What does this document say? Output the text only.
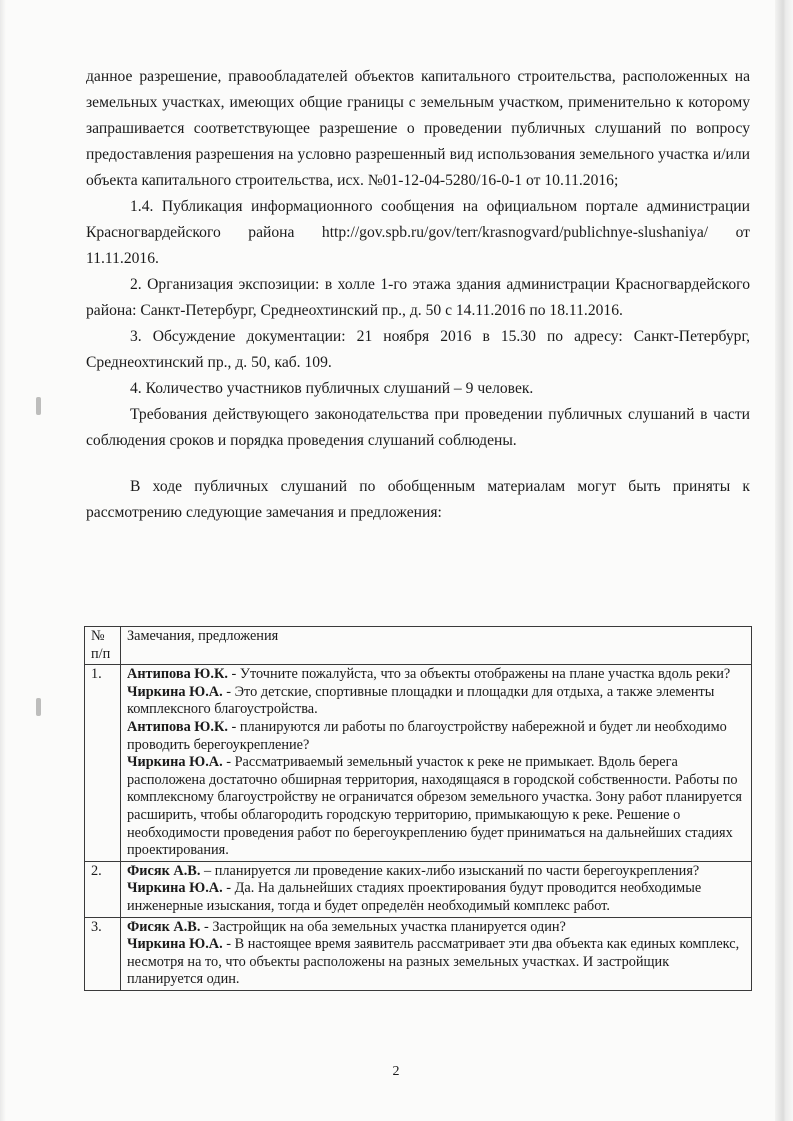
данное разрешение, правообладателей объектов капитального строительства, расположенных на земельных участках, имеющих общие границы с земельным участком, применительно к которому запрашивается соответствующее разрешение о проведении публичных слушаний по вопросу предоставления разрешения на условно разрешенный вид использования земельного участка и/или объекта капитального строительства, исх. №01-12-04-5280/16-0-1 от 10.11.2016;

1.4. Публикация информационного сообщения на официальном портале администрации Красногвардейского района http://gov.spb.ru/gov/terr/krasnogvard/publichnye-slushaniya/ от 11.11.2016.

2. Организация экспозиции: в холле 1-го этажа здания администрации Красногвардейского района: Санкт-Петербург, Среднеохтинский пр., д. 50 с 14.11.2016 по 18.11.2016.

3. Обсуждение документации: 21 ноября 2016 в 15.30 по адресу: Санкт-Петербург, Среднеохтинский пр., д. 50, каб. 109.

4. Количество участников публичных слушаний – 9 человек.

Требования действующего законодательства при проведении публичных слушаний в части соблюдения сроков и порядка проведения слушаний соблюдены.

В ходе публичных слушаний по обобщенным материалам могут быть приняты к рассмотрению следующие замечания и предложения:

№ п/п	Замечания, предложения
1.	Антипова Ю.К. - Уточните пожалуйста, что за объекты отображены на плане участка вдоль реки?

Чиркина Ю.А. - Это детские, спортивные площадки и площадки для отдыха, а также элементы комплексного благоустройства.

Антипова Ю.К. - планируются ли работы по благоустройству набережной и будет ли необходимо проводить берегоукрепление?

Чиркина Ю.А. - Рассматриваемый земельный участок к реке не примыкает. Вдоль берега расположена достаточно обширная территория, находящаяся в городской собственности. Работы по комплексному благоустройству не ограничатся обрезом земельного участка. Зону работ планируется расширить, чтобы облагородить городскую территорию, примыкающую к реке. Решение о необходимости проведения работ по берегоукреплению будет приниматься на дальнейших стадиях проектирования.

2.	Фисяк А.В. – планируется ли проведение каких-либо изысканий по части берегоукрепления?

Чиркина Ю.А. - Да. На дальнейших стадиях проектирования будут проводится необходимые инженерные изыскания, тогда и будет определён необходимый комплекс работ.

3.	Фисяк А.В. - Застройщик на оба земельных участка планируется один?

Чиркина Ю.А. - В настоящее время заявитель рассматривает эти два объекта как единых комплекс, несмотря на то, что объекты расположены на разных земельных участках. И застройщик планируется один.

2
